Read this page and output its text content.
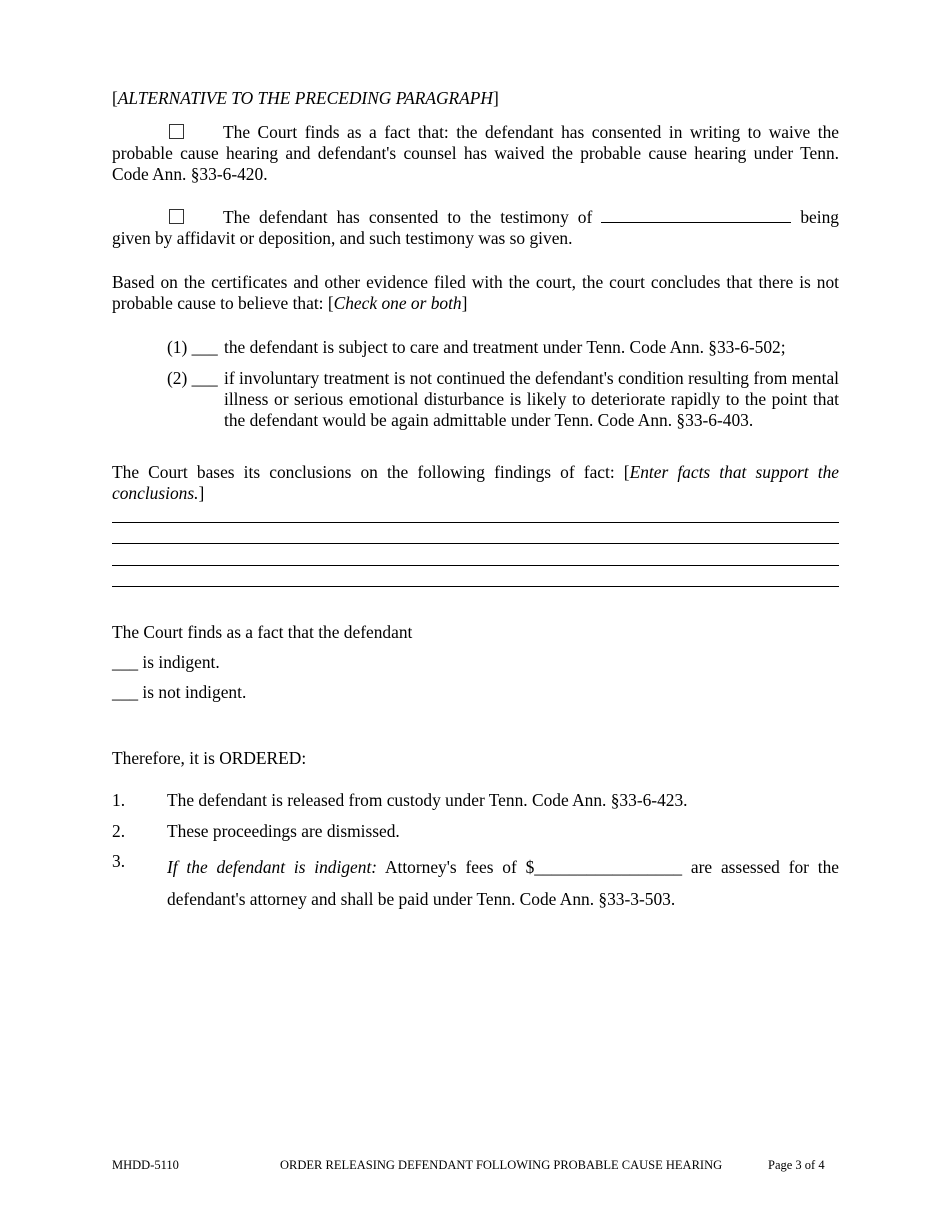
[ALTERNATIVE TO THE PRECEDING PARAGRAPH]
The Court finds as a fact that: the defendant has consented in writing to waive the probable cause hearing and defendant's counsel has waived the probable cause hearing under Tenn. Code Ann. §33-6-420.
The defendant has consented to the testimony of	being
given by affidavit or deposition, and such testimony was so given.
Based on the certificates and other evidence filed with the court, the court concludes that there is not probable cause to believe that: [Check one or both]
(1) ___ the defendant is subject to care and treatment under Tenn. Code Ann. §33-6-502;
(2) ___ if involuntary treatment is not continued the defendant's condition resulting from mental illness or serious emotional disturbance is likely to deteriorate rapidly to the point that the defendant would be again admittable under Tenn. Code Ann. §33-6-403.
The Court bases its conclusions on the following findings of fact: [Enter facts that support the conclusions.]
The Court finds as a fact that the defendant
___ is indigent.
___ is not indigent.
Therefore, it is ORDERED:
1. The defendant is released from custody under Tenn. Code Ann. §33-6-423.
2. These proceedings are dismissed.
3. If the defendant is indigent: Attorney's fees of $_________________ are assessed for the
defendant's attorney and shall be paid under Tenn. Code Ann. §33-3-503.
MHDD-5110	ORDER RELEASING DEFENDANT FOLLOWING PROBABLE CAUSE HEARING	Page 3 of 4
